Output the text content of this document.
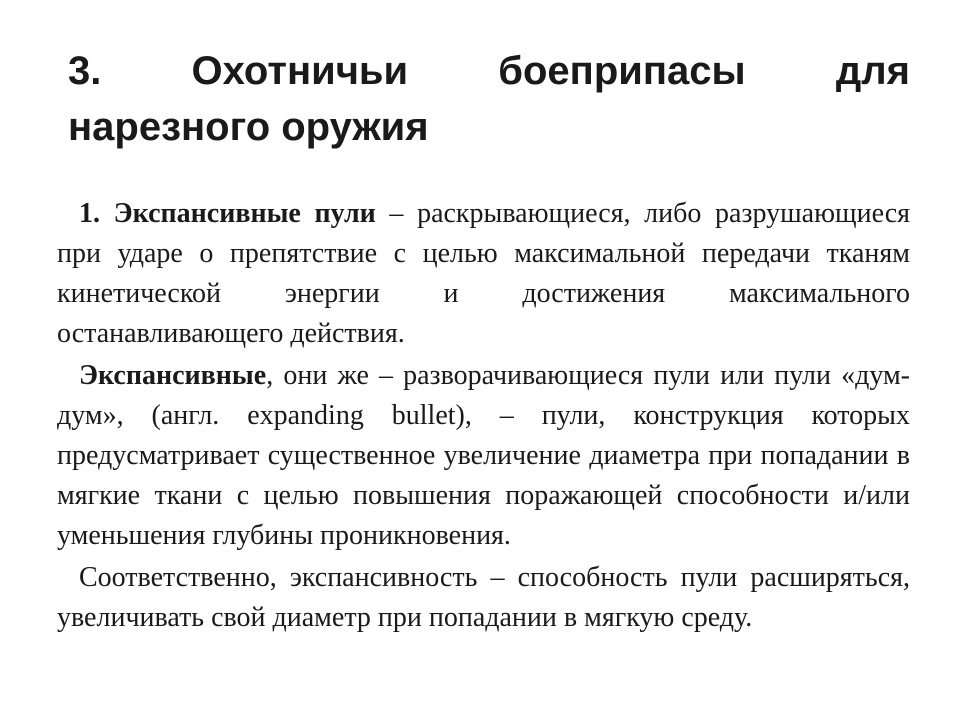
3. Охотничьи боеприпасы для
нарезного оружия

1. Экспансивные пули – раскрывающиеся, либо разрушающиеся при ударе о препятствие с целью максимальной передачи тканям кинетической энергии и достижения максимального останавливающего действия.

Экспансивные, они же – разворачивающиеся пули или пули «дум-дум», (англ. expanding bullet), – пули, конструкция которых предусматривает существенное увеличение диаметра при попадании в мягкие ткани с целью повышения поражающей способности и/или уменьшения глубины проникновения.

Соответственно, экспансивность – способность пули расширяться, увеличивать свой диаметр при попадании в мягкую среду.
